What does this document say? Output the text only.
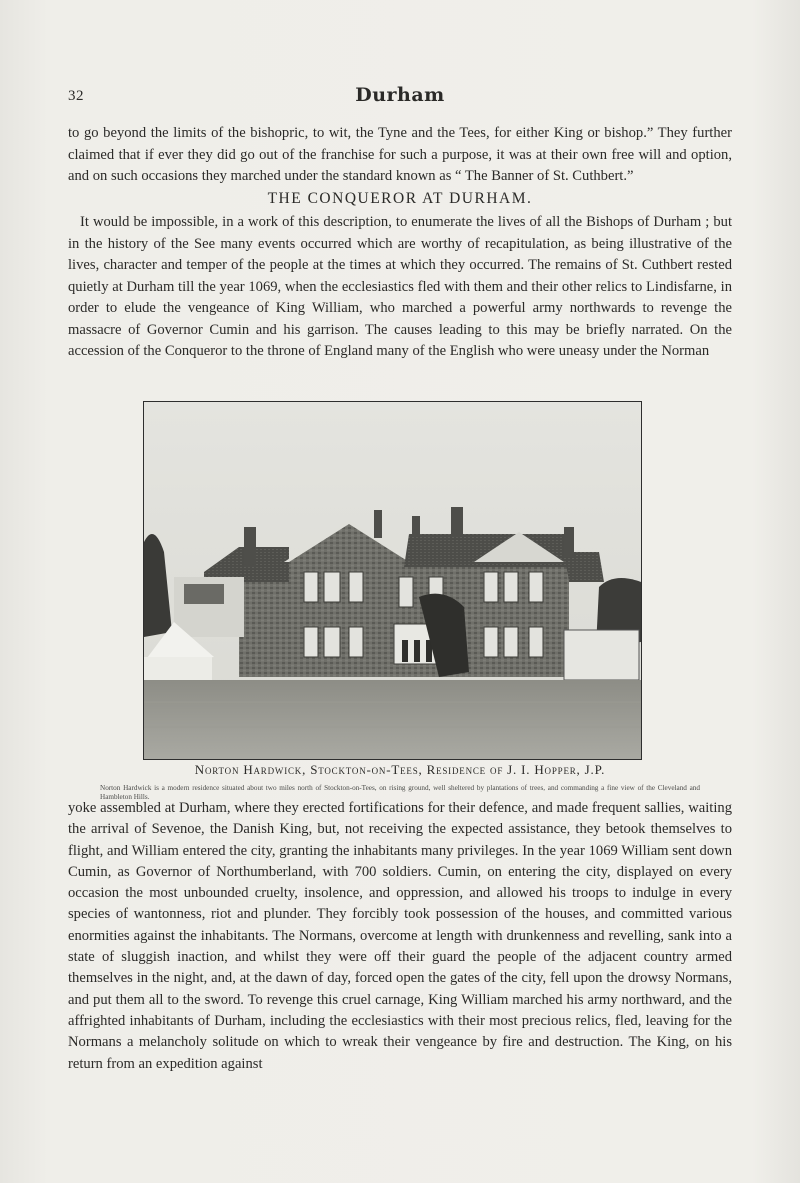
32	Durham

to go beyond the limits of the bishopric, to wit, the Tyne and the Tees, for either King or bishop.” They further claimed that if ever they did go out of the franchise for such a purpose, it was at their own free will and option, and on such occasions they marched under the standard known as “ The Banner of St. Cuthbert.”

THE CONQUEROR AT DURHAM.

It would be impossible, in a work of this description, to enumerate the lives of all the Bishops of Durham ; but in the history of the See many events occurred which are worthy of recapitulation, as being illustrative of the lives, character and temper of the people at the times at which they occurred. The remains of St. Cuthbert rested quietly at Durham till the year 1069, when the ecclesiastics fled with them and their other relics to Lindisfarne, in order to elude the vengeance of King William, who marched a powerful army northwards to revenge the massacre of Governor Cumin and his garrison. The causes leading to this may be briefly narrated. On the accession of the Conqueror to the throne of England many of the English who were uneasy under the Norman

Norton Hardwick, Stockton-on-Tees, Residence of J. I. Hopper, J.P.
Norton Hardwick is a modern residence situated about two miles north of Stockton-on-Tees, on rising ground, well sheltered by plantations of trees, and commanding a fine view of the Cleveland and Hambleton Hills.

yoke assembled at Durham, where they erected fortifications for their defence, and made frequent sallies, waiting the arrival of Sevenoe, the Danish King, but, not receiving the expected assistance, they betook themselves to flight, and William entered the city, granting the inhabitants many privileges. In the year 1069 William sent down Cumin, as Governor of Northumberland, with 700 soldiers. Cumin, on entering the city, displayed on every occasion the most unbounded cruelty, insolence, and oppression, and allowed his troops to indulge in every species of wantonness, riot and plunder. They forcibly took possession of the houses, and committed various enormities against the inhabitants. The Normans, overcome at length with drunkenness and revelling, sank into a state of sluggish inaction, and whilst they were off their guard the people of the adjacent country armed themselves in the night, and, at the dawn of day, forced open the gates of the city, fell upon the drowsy Normans, and put them all to the sword. To revenge this cruel carnage, King William marched his army northward, and the affrighted inhabitants of Durham, including the ecclesiastics with their most precious relics, fled, leaving for the Normans a melancholy solitude on which to wreak their vengeance by fire and destruction. The King, on his return from an expedition against
